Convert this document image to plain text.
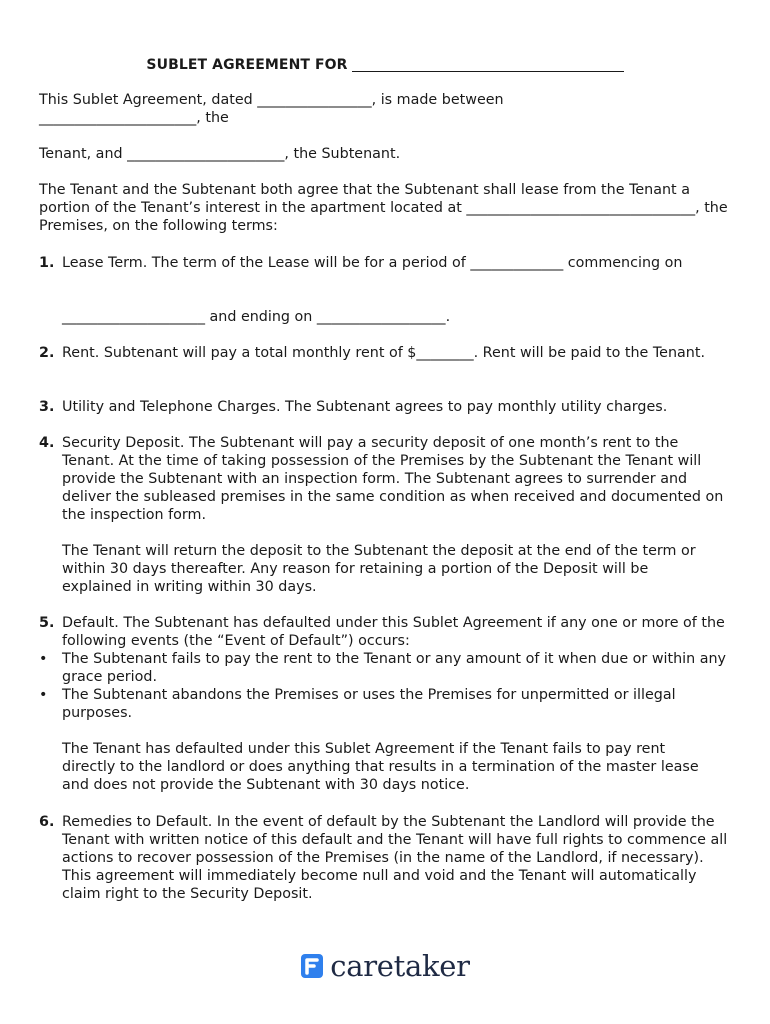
SUBLET AGREEMENT FOR
This Sublet Agreement, dated ________________, is made between
______________________, the
Tenant, and ______________________, the Subtenant.
The Tenant and the Subtenant both agree that the Subtenant shall lease from the Tenant a portion of the Tenant’s interest in the apartment located at ________________________________, the Premises, on the following terms:
1. Lease Term. The term of the Lease will be for a period of _____________ commencing on
____________________ and ending on __________________.
2. Rent. Subtenant will pay a total monthly rent of $________. Rent will be paid to the Tenant.
3. Utility and Telephone Charges. The Subtenant agrees to pay monthly utility charges.
4. Security Deposit. The Subtenant will pay a security deposit of one month’s rent to the Tenant. At the time of taking possession of the Premises by the Subtenant the Tenant will provide the Subtenant with an inspection form. The Subtenant agrees to surrender and deliver the subleased premises in the same condition as when received and documented on the inspection form.
The Tenant will return the deposit to the Subtenant the deposit at the end of the term or within 30 days thereafter. Any reason for retaining a portion of the Deposit will be explained in writing within 30 days.
5. Default. The Subtenant has defaulted under this Sublet Agreement if any one or more of the following events (the “Event of Default”) occurs:
• The Subtenant fails to pay the rent to the Tenant or any amount of it when due or within any grace period.
• The Subtenant abandons the Premises or uses the Premises for unpermitted or illegal purposes.
The Tenant has defaulted under this Sublet Agreement if the Tenant fails to pay rent directly to the landlord or does anything that results in a termination of the master lease and does not provide the Subtenant with 30 days notice.
6. Remedies to Default. In the event of default by the Subtenant the Landlord will provide the Tenant with written notice of this default and the Tenant will have full rights to commence all actions to recover possession of the Premises (in the name of the Landlord, if necessary). This agreement will immediately become null and void and the Tenant will automatically claim right to the Security Deposit.
caretaker
